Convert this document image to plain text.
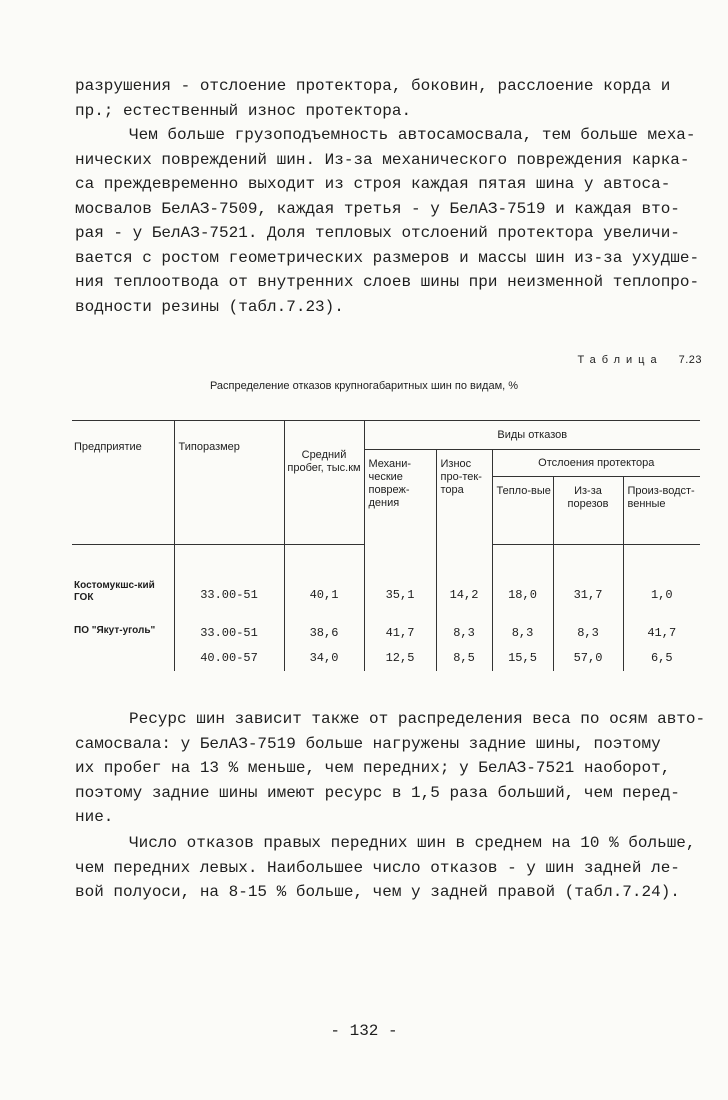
разрушения - отслоение протектора, боковин, расслоение корда и
пр.; естественный износ протектора.
Чем больше грузоподъемность автосамосвала, тем больше меха-
нических повреждений шин. Из-за механического повреждения карка-
са преждевременно выходит из строя каждая пятая шина у автоса-
мосвалов БелАЗ-7509, каждая третья - у БелАЗ-7519 и каждая вто-
рая - у БелАЗ-7521. Доля тепловых отслоений протектора увеличи-
вается с ростом геометрических размеров и массы шин из-за ухудше-
ния теплоотвода от внутренних слоев шины при неизменной теплопро-
водности резины (табл.7.23).
Таблица 7.23
Распределение отказов крупногабаритных шин по видам, %
Предприятие	Типоразмер	Средний пробег, тыс.км	Виды отказов				
			Механи-ческие повреж-дения	Износ про-тек-тора	Отслоения протектора		
					Тепло-вые	Из-за порезов	Произ-водст-венные

Костомукшс-кий ГОК	33.00-51	40,1	35,1	14,2	18,0	31,7	1,0
ПО "Якут-уголь"	33.00-51	38,6	41,7	8,3	8,3	8,3	41,7
	40.00-57	34,0	12,5	8,5	15,5	57,0	6,5
Ресурс шин зависит также от распределения веса по осям авто-
самосвала: у БелАЗ-7519 больше нагружены задние шины, поэтому
их пробег на 13 % меньше, чем передних; у БелАЗ-7521 наоборот,
поэтому задние шины имеют ресурс в 1,5 раза больший, чем перед-
ние.
Число отказов правых передних шин в среднем на 10 % больше,
чем передних левых. Наибольшее число отказов - у шин задней ле-
вой полуоси, на 8-15 % больше, чем у задней правой (табл.7.24).
- 132 -
